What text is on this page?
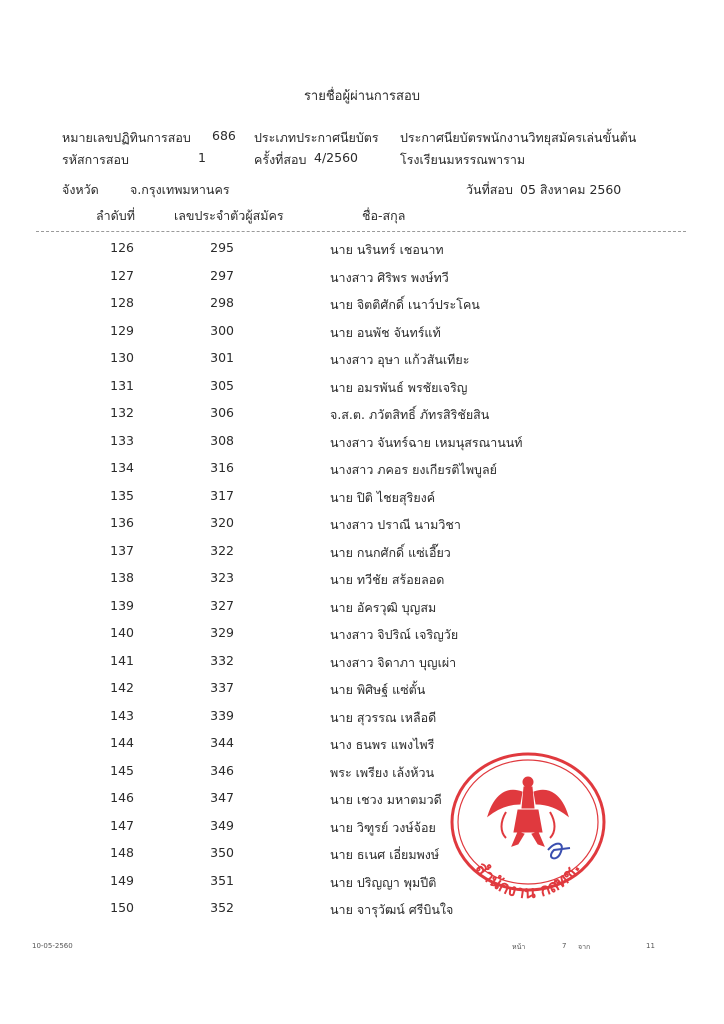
รายชื่อผู้ผ่านการสอบ
หมายเลขปฏิทินการสอบ 686 ประเภทประกาศนียบัตร ประกาศนียบัตรพนักงานวิทยุสมัครเล่นขั้นต้น
รหัสการสอบ	1	ครั้งที่สอบ 4/2560	โรงเรียนมหรรณพาราม
จังหวัด จ.กรุงเทพมหานคร	วันที่สอบ 05 สิงหาคม 2560
ลำดับที่	เลขประจำตัวผู้สมัคร	ชื่อ-สกุล
126	295	นาย นรินทร์ เชอนาท
127	297	นางสาว ศิริพร พงษ์ทวี
128	298	นาย จิตติศักดิ์ เนาว์ประโคน
129	300	นาย อนพัช จันทร์แท้
130	301	นางสาว อุษา แก้วสันเทียะ
131	305	นาย อมรพันธ์ พรชัยเจริญ
132	306	จ.ส.ต. ภวัตสิทธิ์ ภัทรสิริชัยสิน
133	308	นางสาว จันทร์ฉาย เหมนุสรณานนท์
134	316	นางสาว ภคอร ยงเกียรติไพบูลย์
135	317	นาย ปิติ ไชยสุริยงค์
136	320	นางสาว ปราณี นามวิชา
137	322	นาย กนกศักดิ์ แซ่เอี๊ยว
138	323	นาย ทวีชัย สร้อยลอด
139	327	นาย อัครวุฒิ บุญสม
140	329	นางสาว จิปริณ์ เจริญวัย
141	332	นางสาว จิดาภา บุญเผ่า
142	337	นาย พิศิษฐ์ แซ่ตั้น
143	339	นาย สุวรรณ เหลือดี
144	344	นาง ธนพร แพงไพรี
145	346	พระ เพรียง เล้งห้วน
146	347	นาย เชวง มหาตมวดี
147	349	นาย วิฑูรย์ วงษ์จ้อย
148	350	นาย ธเนศ เอี่ยมพงษ์
149	351	นาย ปริญญา พุมปีติ
150	352	นาย จารุวัฒน์ ศรีบินใจ
สำนักงาน กสทช.
10-05-2560	หน้า	7 จาก	11
